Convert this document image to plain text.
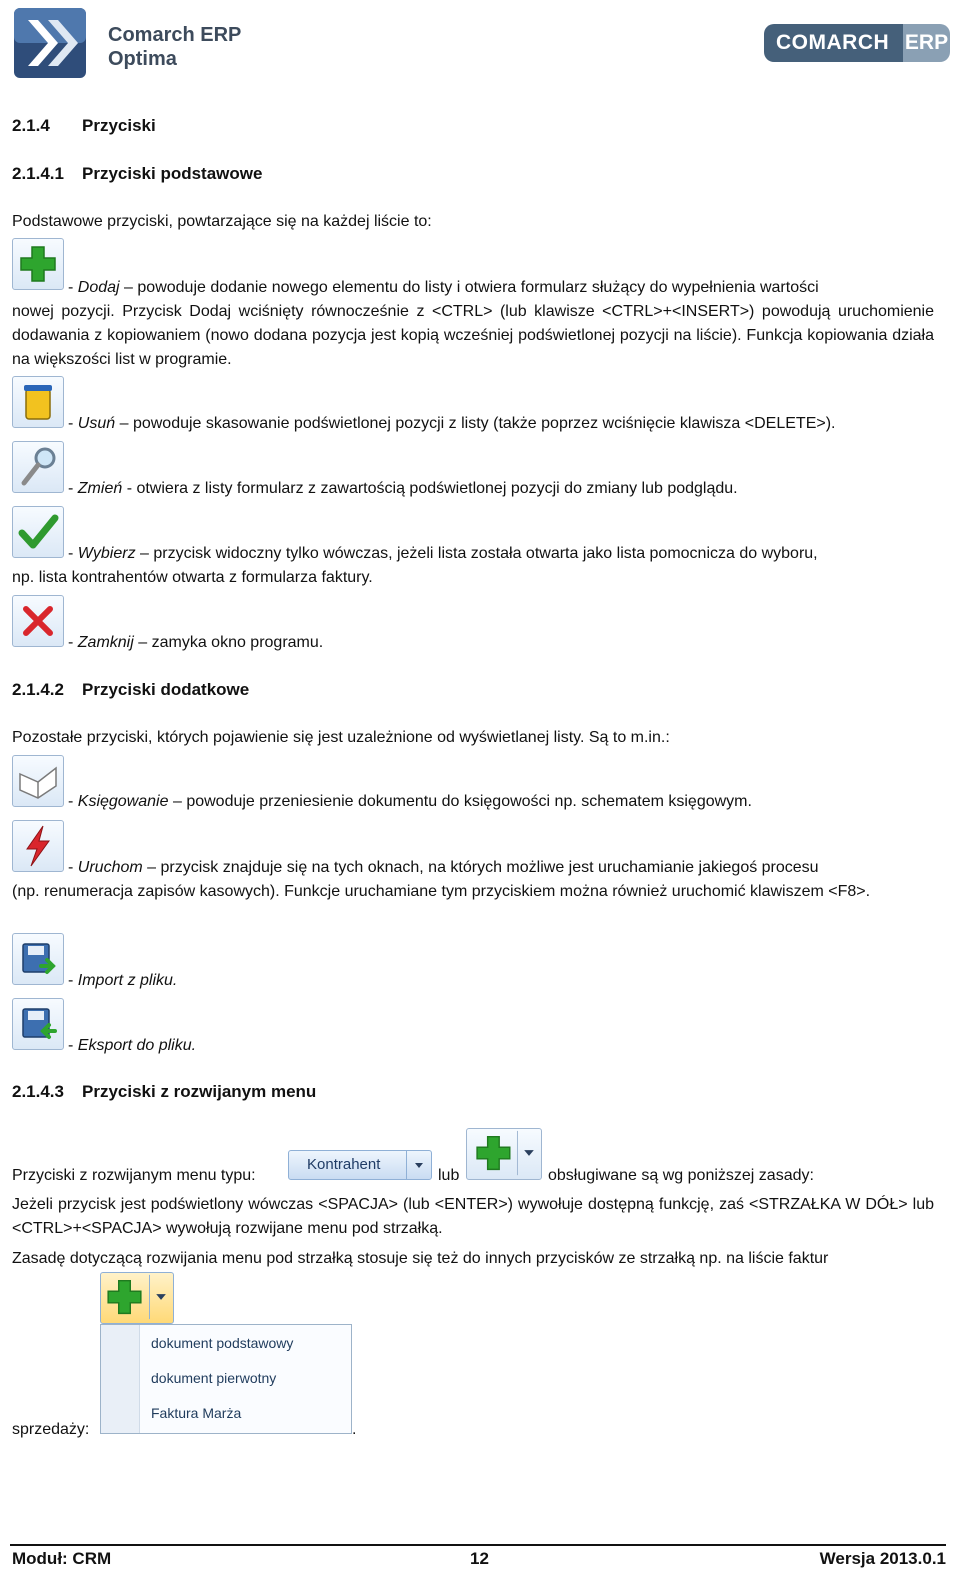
Comarch ERP
Optima
COMARCH ERP
2.1.4 Przyciski
2.1.4.1 Przyciski podstawowe

Podstawowe przyciski, powtarzające się na każdej liście to:

- Dodaj – powoduje dodanie nowego elementu do listy i otwiera formularz służący do wypełnienia wartości

nowej pozycji. Przycisk Dodaj wciśnięty równocześnie z <CTRL> (lub klawisze <CTRL>+<INSERT>) powodują uruchomienie dodawania z kopiowaniem (nowo dodana pozycja jest kopią wcześniej podświetlonej pozycji na liście). Funkcja kopiowania działa na większości list w programie.

- Usuń – powoduje skasowanie podświetlonej pozycji z listy (także poprzez wciśnięcie klawisza <DELETE>).

- Zmień - otwiera z listy formularz z zawartością podświetlonej pozycji do zmiany lub podglądu.

- Wybierz – przycisk widoczny tylko wówczas, jeżeli lista została otwarta jako lista pomocnicza do wyboru,

np. lista kontrahentów otwarta z formularza faktury.

- Zamknij – zamyka okno programu.

2.1.4.2 Przyciski dodatkowe

Pozostałe przyciski, których pojawienie się jest uzależnione od wyświetlanej listy. Są to m.in.:

- Księgowanie – powoduje przeniesienie dokumentu do księgowości np. schematem księgowym.

- Uruchom – przycisk znajduje się na tych oknach, na których możliwe jest uruchamianie jakiegoś procesu

(np. renumeracja zapisów kasowych). Funkcje uruchamiane tym przyciskiem można również uruchomić klawiszem <F8>.

- Import z pliku.

- Eksport do pliku.

2.1.4.3 Przyciski z rozwijanym menu

Przyciski z rozwijanym menu typu:

Kontrahent

lub	obsługiwane są wg poniższej zasady:

Jeżeli przycisk jest podświetlony wówczas <SPACJA> (lub <ENTER>) wywołuje dostępną funkcję, zaś <STRZAŁKA W DÓŁ> lub <CTRL>+<SPACJA> wywołują rozwijane menu pod strzałką.

Zasadę dotyczącą rozwijania menu pod strzałką stosuje się też do innych przycisków ze strzałką np. na liście faktur

dokument podstawowy
dokument pierwotny
Faktura Marża

sprzedaży:	.

Moduł: CRM	12	Wersja 2013.0.1
